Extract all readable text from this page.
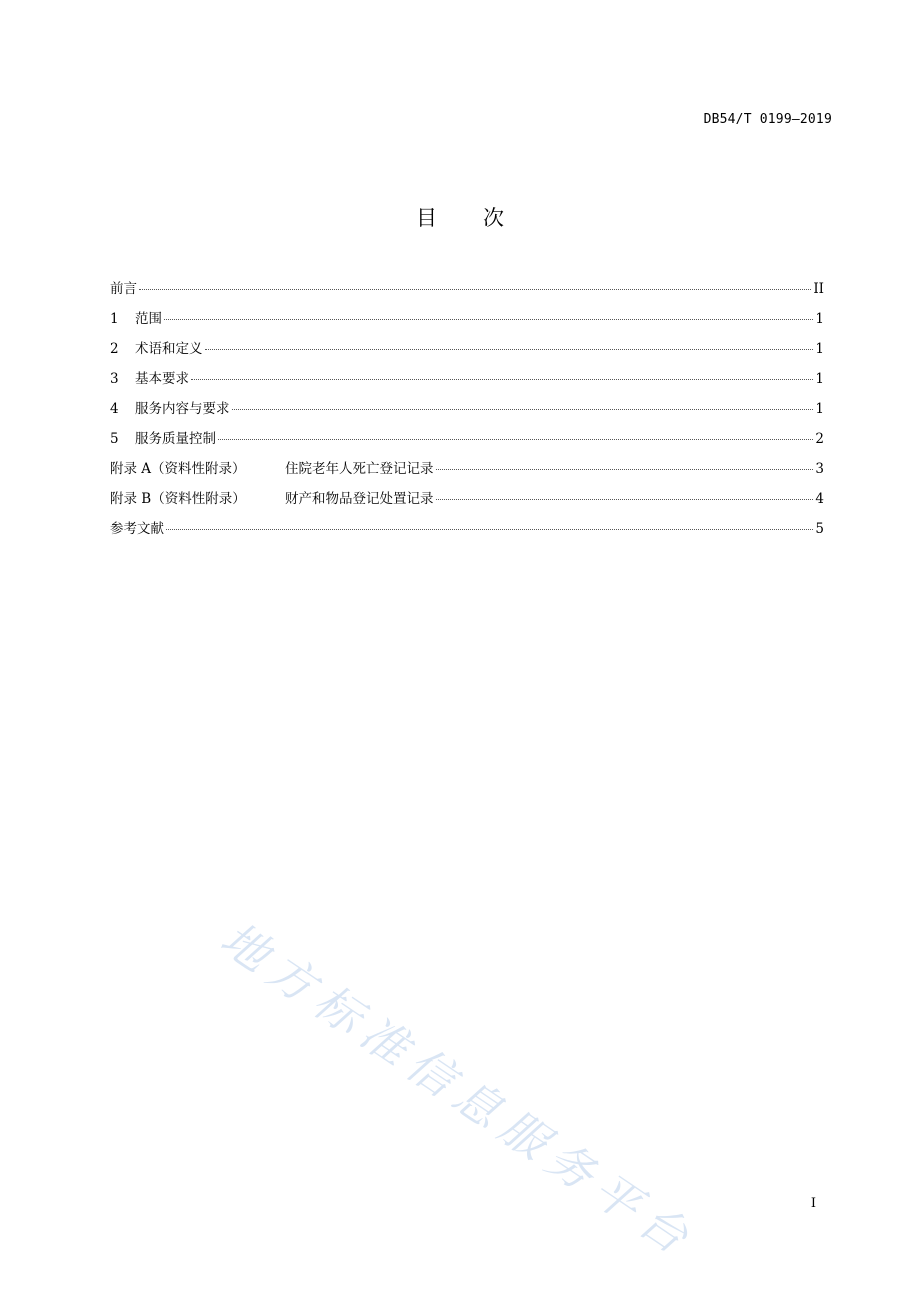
DB54/T 0199—2019
目 次
前言	II
1	范围	1
2	术语和定义	1
3	基本要求	1
4	服务内容与要求	1
5	服务质量控制	2
附录 A（资料性附录）	住院老年人死亡登记记录	3
附录 B（资料性附录）	财产和物品登记处置记录	4
参考文献	5
地方标准信息服务平台	I
